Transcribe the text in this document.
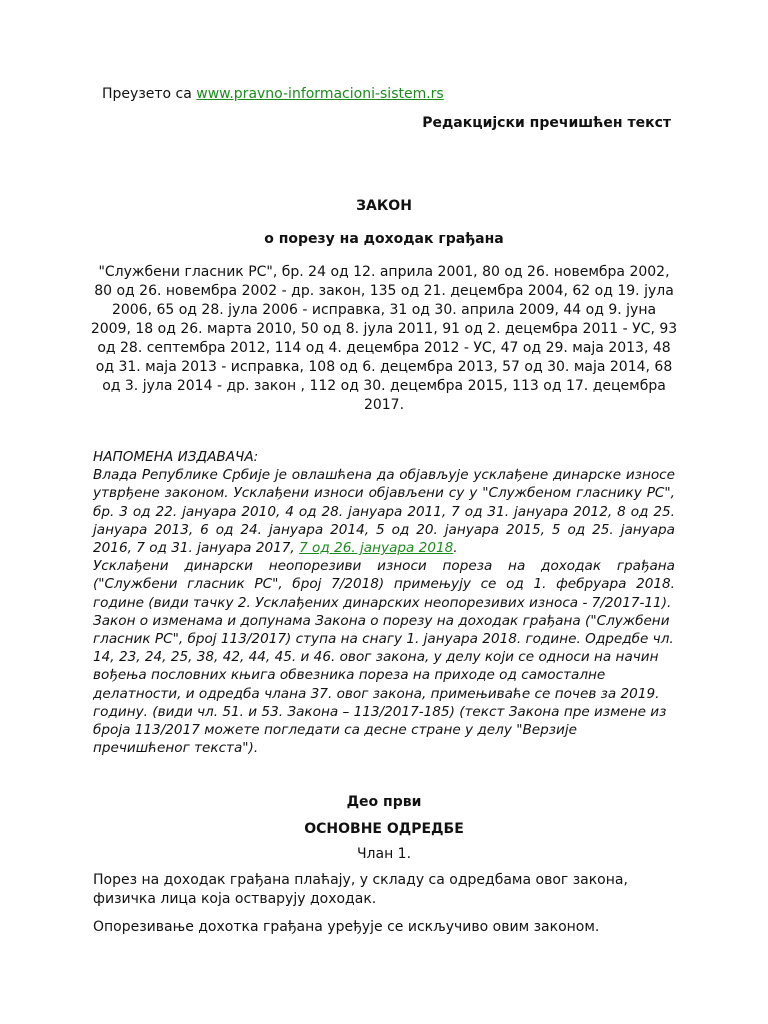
Преузето са www.pravno-informacioni-sistem.rs
Редакцијски пречишћен текст
ЗАКОН
о порезу на доходак грађана
"Службени гласник РС", бр. 24 од 12. априла 2001, 80 од 26. новембра 2002, 80 од 26. новембра 2002 - др. закон, 135 од 21. децембра 2004, 62 од 19. јула 2006, 65 од 28. јула 2006 - исправка, 31 од 30. априла 2009, 44 од 9. јуна 2009, 18 од 26. марта 2010, 50 од 8. јула 2011, 91 од 2. децембра 2011 - УС, 93 од 28. септембра 2012, 114 од 4. децембра 2012 - УС, 47 од 29. маја 2013, 48 од 31. маја 2013 - исправка, 108 од 6. децембра 2013, 57 од 30. маја 2014, 68 од 3. јула 2014 - др. закон , 112 од 30. децембра 2015, 113 од 17. децембра 2017.
НАПОМЕНА ИЗДАВАЧА:
Влада Републике Србије је овлашћена да објављује усклађене динарске износе утврђене законом. Усклађени износи објављени су у "Службеном гласнику РС", бр. 3 од 22. јануара 2010, 4 од 28. јануара 2011, 7 од 31. јануара 2012, 8 од 25. јануара 2013, 6 од 24. јануара 2014, 5 од 20. јануара 2015, 5 од 25. јануара 2016, 7 од 31. јануара 2017, 7 од 26. јануара 2018.
Усклађени динарски неопорезиви износи пореза на доходак грађана ("Службени гласник РС", број 7/2018) примењују се од 1. фебруара 2018. године (види тачку 2. Усклађених динарских неопорезивих износа - 7/2017-11).
Закон о изменама и допунама Закона о порезу на доходак грађана ("Службени гласник РС", број 113/2017) ступа на снагу 1. јануара 2018. године. Одредбе чл. 14, 23, 24, 25, 38, 42, 44, 45. и 46. овог закона, у делу који се односи на начин вођења пословних књига обвезника пореза на приходе од самосталне делатности, и одредба члана 37. овог закона, примењиваће се почев за 2019. годину. (види чл. 51. и 53. Закона – 113/2017-185) (текст Закона пре измене из броја 113/2017 можете погледати са десне стране у делу "Верзије пречишћеног текста").
Део први
ОСНОВНЕ ОДРЕДБЕ
Члан 1.
Порез на доходак грађана плаћају, у складу са одредбама овог закона, физичка лица која остварују доходак.
Опорезивање дохотка грађана уређује се искључиво овим законом.
